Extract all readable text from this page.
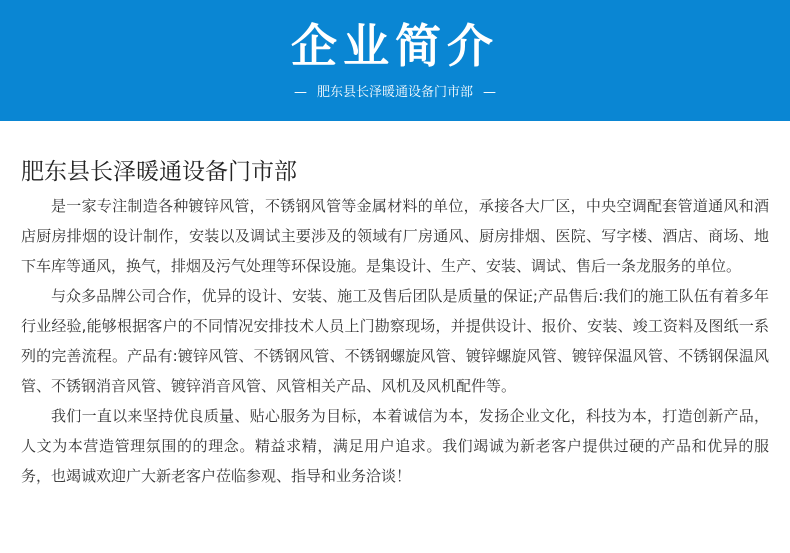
企业简介
— 肥东县长泽暖通设备门市部 —
肥东县长泽暖通设备门市部

是一家专注制造各种镀锌风管，不锈钢风管等金属材料的单位，承接各大厂区，中央空调配套管道通风和酒店厨房排烟的设计制作，安装以及调试主要涉及的领域有厂房通风、厨房排烟、医院、写字楼、酒店、商场、地下车库等通风，换气，排烟及污气处理等环保设施。是集设计、生产、安装、调试、售后一条龙服务的单位。

与众多品牌公司合作，优异的设计、安装、施工及售后团队是质量的保证;产品售后:我们的施工队伍有着多年行业经验,能够根据客户的不同情况安排技术人员上门勘察现场，并提供设计、报价、安装、竣工资料及图纸一系列的完善流程。产品有:镀锌风管、不锈钢风管、不锈钢螺旋风管、镀锌螺旋风管、镀锌保温风管、不锈钢保温风管、不锈钢消音风管、镀锌消音风管、风管相关产品、风机及风机配件等。

我们一直以来坚持优良质量、贴心服务为目标，本着诚信为本，发扬企业文化，科技为本，打造创新产品，人文为本营造管理氛围的的理念。精益求精，满足用户追求。我们竭诚为新老客户提供过硬的产品和优异的服务，也竭诚欢迎广大新老客户莅临参观、指导和业务洽谈！
